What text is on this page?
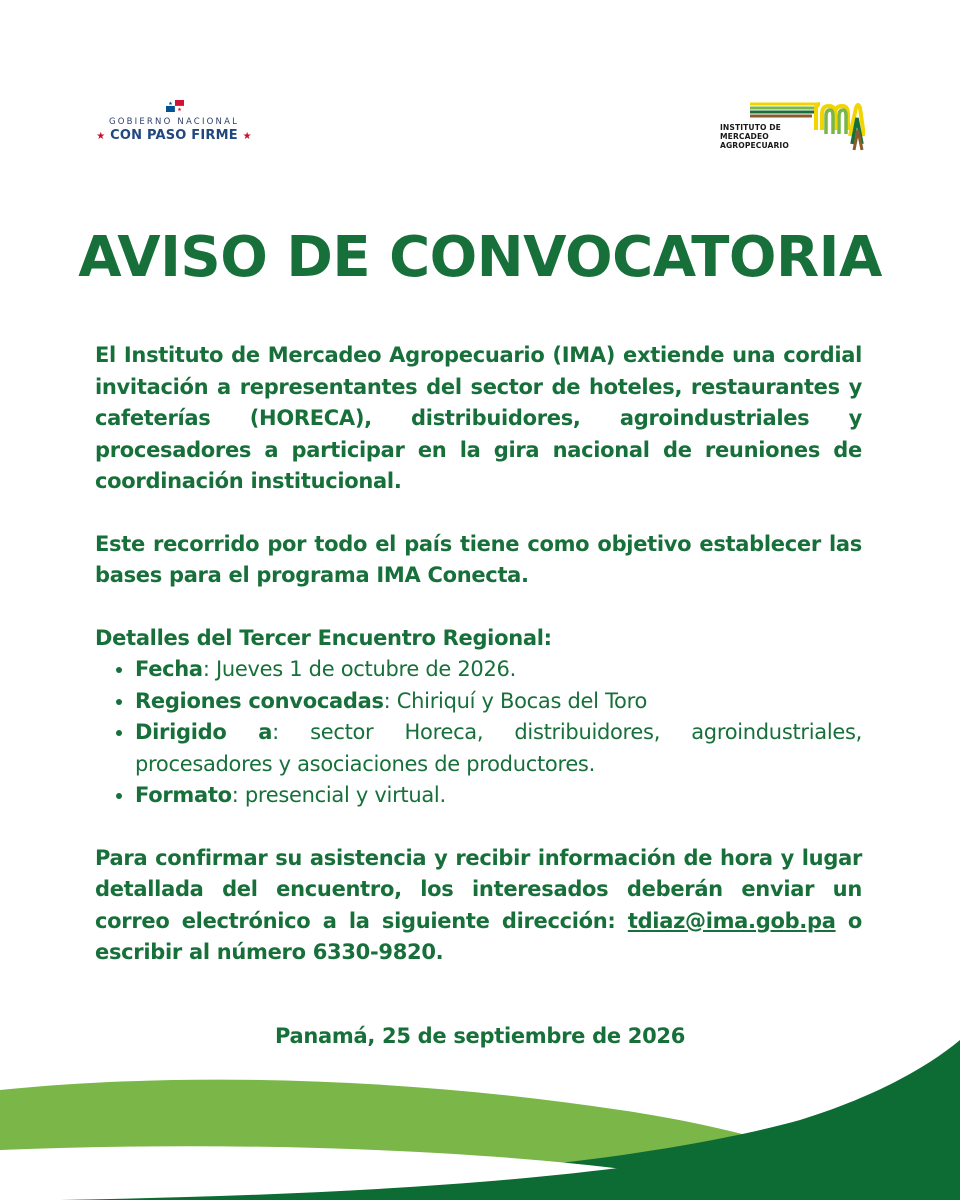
GOBIERNO NACIONAL
★ CON PASO FIRME ★
INSTITUTO DE
MERCADEO
AGROPECUARIO
AVISO DE CONVOCATORIA

El Instituto de Mercadeo Agropecuario (IMA) extiende una cordial invitación a representantes del sector de hoteles, restaurantes y cafeterías (HORECA), distribuidores, agroindustriales y procesadores a participar en la gira nacional de reuniones de coordinación institucional.

Este recorrido por todo el país tiene como objetivo establecer las bases para el programa IMA Conecta.

Detalles del Tercer Encuentro Regional:

• Fecha: Jueves 1 de octubre de 2026.
• Regiones convocadas: Chiriquí y Bocas del Toro
• Dirigido a: sector Horeca, distribuidores, agroindustriales, procesadores y asociaciones de productores.
• Formato: presencial y virtual.

Para confirmar su asistencia y recibir información de hora y lugar detallada del encuentro, los interesados deberán enviar un correo electrónico a la siguiente dirección: tdiaz@ima.gob.pa o escribir al número 6330-9820.

Panamá, 25 de septiembre de 2026
